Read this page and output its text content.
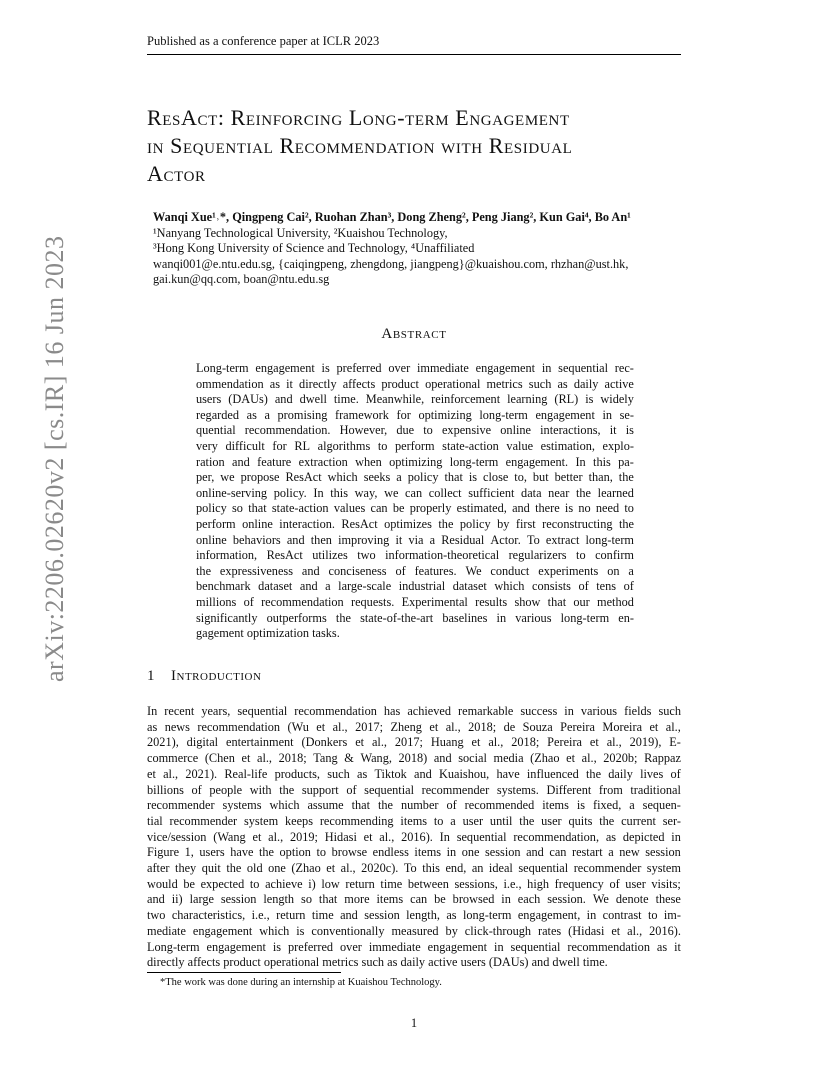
Published as a conference paper at ICLR 2023
arXiv:2206.02620v2 [cs.IR] 16 Jun 2023
ResAct: Reinforcing Long-term Engagement
in Sequential Recommendation with Residual
Actor
Wanqi Xue¹˒*, Qingpeng Cai², Ruohan Zhan³, Dong Zheng², Peng Jiang², Kun Gai⁴, Bo An¹
¹Nanyang Technological University, ²Kuaishou Technology,
³Hong Kong University of Science and Technology, ⁴Unaffiliated
wanqi001@e.ntu.edu.sg, {caiqingpeng, zhengdong, jiangpeng}@kuaishou.com, rhzhan@ust.hk,
gai.kun@qq.com, boan@ntu.edu.sg
Abstract
Long-term engagement is preferred over immediate engagement in sequential rec-
ommendation as it directly affects product operational metrics such as daily active
users (DAUs) and dwell time. Meanwhile, reinforcement learning (RL) is widely
regarded as a promising framework for optimizing long-term engagement in se-
quential recommendation. However, due to expensive online interactions, it is
very difficult for RL algorithms to perform state-action value estimation, explo-
ration and feature extraction when optimizing long-term engagement. In this pa-
per, we propose ResAct which seeks a policy that is close to, but better than, the
online-serving policy. In this way, we can collect sufficient data near the learned
policy so that state-action values can be properly estimated, and there is no need to
perform online interaction. ResAct optimizes the policy by first reconstructing the
online behaviors and then improving it via a Residual Actor. To extract long-term
information, ResAct utilizes two information-theoretical regularizers to confirm
the expressiveness and conciseness of features. We conduct experiments on a
benchmark dataset and a large-scale industrial dataset which consists of tens of
millions of recommendation requests. Experimental results show that our method
significantly outperforms the state-of-the-art baselines in various long-term en-
gagement optimization tasks.
1 Introduction
In recent years, sequential recommendation has achieved remarkable success in various fields such
as news recommendation (Wu et al., 2017; Zheng et al., 2018; de Souza Pereira Moreira et al.,
2021), digital entertainment (Donkers et al., 2017; Huang et al., 2018; Pereira et al., 2019), E-
commerce (Chen et al., 2018; Tang & Wang, 2018) and social media (Zhao et al., 2020b; Rappaz
et al., 2021). Real-life products, such as Tiktok and Kuaishou, have influenced the daily lives of
billions of people with the support of sequential recommender systems. Different from traditional
recommender systems which assume that the number of recommended items is fixed, a sequen-
tial recommender system keeps recommending items to a user until the user quits the current ser-
vice/session (Wang et al., 2019; Hidasi et al., 2016). In sequential recommendation, as depicted in
Figure 1, users have the option to browse endless items in one session and can restart a new session
after they quit the old one (Zhao et al., 2020c). To this end, an ideal sequential recommender system
would be expected to achieve i) low return time between sessions, i.e., high frequency of user visits;
and ii) large session length so that more items can be browsed in each session. We denote these
two characteristics, i.e., return time and session length, as long-term engagement, in contrast to im-
mediate engagement which is conventionally measured by click-through rates (Hidasi et al., 2016).
Long-term engagement is preferred over immediate engagement in sequential recommendation as it
directly affects product operational metrics such as daily active users (DAUs) and dwell time.
*The work was done during an internship at Kuaishou Technology.
1
